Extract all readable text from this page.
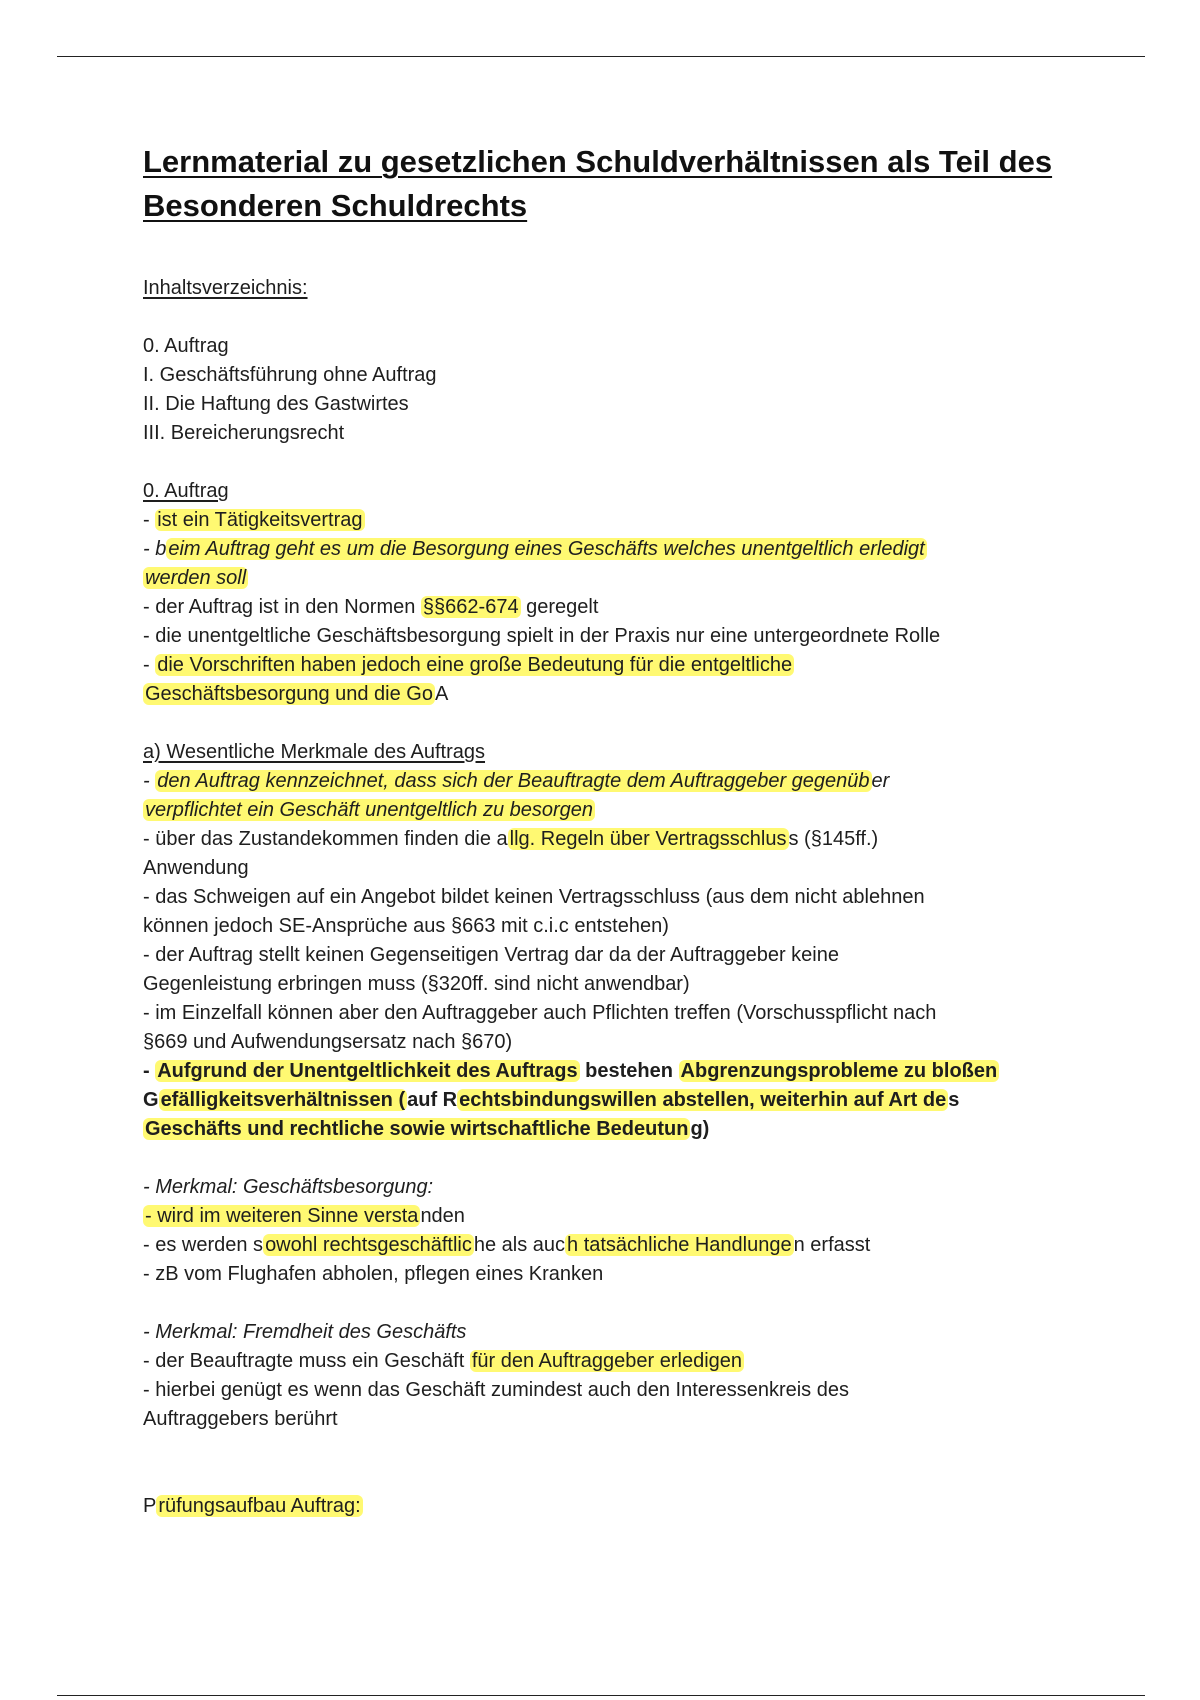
Lernmaterial zu gesetzlichen Schuldverhältnissen als Teil des
Besonderen Schuldrechts
Inhaltsverzeichnis:
0. Auftrag
I. Geschäftsführung ohne Auftrag
II. Die Haftung des Gastwirtes
III. Bereicherungsrecht
0. Auftrag
- ist ein Tätigkeitsvertrag
- b eim Auftrag geht es um die Besorgung eines Geschäfts welches unentgeltlich erledigt
werden soll
- der Auftrag ist in den Normen §§662-674 geregelt
- die unentgeltliche Geschäftsbesorgung spielt in der Praxis nur eine untergeordnete Rolle
- die Vorschriften haben jedoch eine große Bedeutung für die entgeltliche
Geschäftsbesorgung und die Go A
a) Wesentliche Merkmale des Auftrags
- den Auftrag kennzeichnet, dass sich der Beauftragte dem Auftraggeber gegenüb er
verpflichtet ein Geschäft unentgeltlich zu besorgen
- über das Zustandekommen finden die a llg. Regeln über Vertragsschlus s (§145ff.)
Anwendung
- das Schweigen auf ein Angebot bildet keinen Vertragsschluss (aus dem nicht ablehnen
können jedoch SE-Ansprüche aus §663 mit c.i.c entstehen)
- der Auftrag stellt keinen Gegenseitigen Vertrag dar da der Auftraggeber keine
Gegenleistung erbringen muss (§320ff. sind nicht anwendbar)
- im Einzelfall können aber den Auftraggeber auch Pflichten treffen (Vorschusspflicht nach
§669 und Aufwendungsersatz nach §670)
- Aufgrund der Unentgeltlichkeit des Auftrags bestehen Abgrenzungsprobleme zu bloßen
G efälligkeitsverhältnissen ( auf R echtsbindungswillen abstellen, weiterhin auf Art de s
Geschäfts und rechtliche sowie wirtschaftliche Bedeutun g)
- Merkmal: Geschäftsbesorgung:
- wird im weiteren Sinne versta nden
- es werden s owohl rechtsgeschäftlic he als auc h tatsächliche Handlunge n erfasst
- zB vom Flughafen abholen, pflegen eines Kranken
- Merkmal: Fremdheit des Geschäfts
- der Beauftragte muss ein Geschäft für den Auftraggeber erledigen
- hierbei genügt es wenn das Geschäft zumindest auch den Interessenkreis des
Auftraggebers berührt
P rüfungsaufbau Auftrag:
